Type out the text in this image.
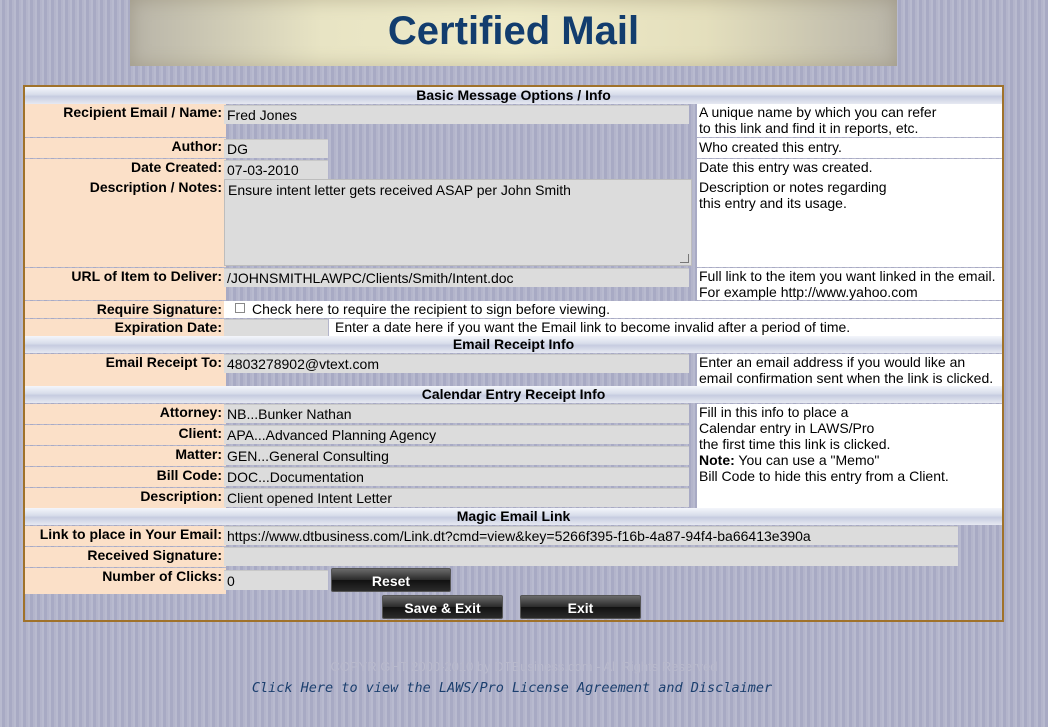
Certified Mail
Basic Message Options / Info
Recipient Email / Name: Fred Jones	A unique name by which you can refer
to this link and find it in reports, etc.
Author: DG	Who created this entry.
Date Created: 07-03-2010	Date this entry was created.
Description / Notes: Ensure intent letter gets received ASAP per John Smith	Description or notes regarding
this entry and its usage.
URL of Item to Deliver: /JOHNSMITHLAWPC/Clients/Smith/Intent.doc	Full link to the item you want linked in the email.
For example http://www.yahoo.com
Require Signature: Check here to require the recipient to sign before viewing.
Expiration Date:	Enter a date here if you want the Email link to become invalid after a period of time.
Email Receipt Info
Email Receipt To: 4803278902@vtext.com	Enter an email address if you would like an
email confirmation sent when the link is clicked.
Calendar Entry Receipt Info
Attorney: NB...Bunker Nathan
Client: APA...Advanced Planning Agency
Matter: GEN...General Consulting
Bill Code: DOC...Documentation
Description: Client opened Intent Letter
Fill in this info to place a
Calendar entry in LAWS/Pro
the first time this link is clicked.
Note: You can use a "Memo"
Bill Code to hide this entry from a Client.
Magic Email Link
Link to place in Your Email: https://www.dtbusiness.com/Link.dt?cmd=view&key=5266f395-f16b-4a87-94f4-ba66413e390a
Received Signature:
Number of Clicks: 0	Reset
Save & Exit	Exit
COPYRIGHT 2000-2010 by DTBusiness.com - All Rights Reserved
Click Here to view the LAWS/Pro License Agreement and Disclaimer
